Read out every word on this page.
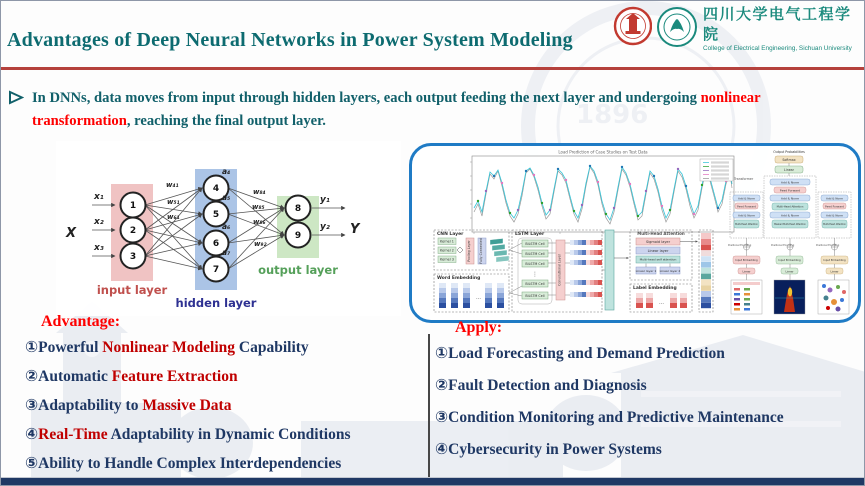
1896
Advantages of Deep Neural Networks in Power System Modeling
四川大学电气工程学院
College of Electrical Engineering, Sichuan University
In DNNs, data moves from input through hidden layers, each output feeding the next layer and undergoing nonlinear transformation, reaching the final output layer.
1
2
3
4
5
6
7
8
9
x₁
x₂
x₃
X
y₁
y₂ Y
a₄
a₅
a₆
a₇
w₄₁
w₅₁
w₆₁
w₈₄
w₈₅
w₈₆
w₉₂
input layer
hidden layer
output layer
Load Prediction of Case Studies on Test Data
CNN Layer
Kernel 1
Kernel 2
Kernel 3	Pooling Layer	Fully Connected
Word Embedding
…
LSTM Layer
BiLSTM Cell
BiLSTM Cell
BiLSTM Cell
⋮
BiLSTM Cell
BiLSTM Cell
Convolutional Layer
Multi-Head Attention
Sigmoid layer
Linear layer
Multi-head self attention
Linear layer 1 Linear layer 2
Label Embedding
…
Output Probabilities
Softmax
Linear
Transformer
Add & Norm
Feed Forward
Add & Norm
Multi-Head Attention
Add & Norm
Masked Multi-Head Attention
Add & Norm
Feed Forward
Add & Norm
Multi-Head Attention
Add & Norm
Feed Forward
Add & Norm
Multi-Head Attention
Positional Encoding	Positional Encoding	Positional Encoding
Input Embedding	Input Embedding	Input Embedding
Linear	Linear	Linear
Advantage:
①Powerful Nonlinear Modeling Capability
②Automatic Feature Extraction
③Adaptability to Massive Data
④Real-Time Adaptability in Dynamic Conditions
⑤Ability to Handle Complex Interdependencies
Apply:
①Load Forecasting and Demand Prediction
②Fault Detection and Diagnosis
③Condition Monitoring and Predictive Maintenance
④Cybersecurity in Power Systems
